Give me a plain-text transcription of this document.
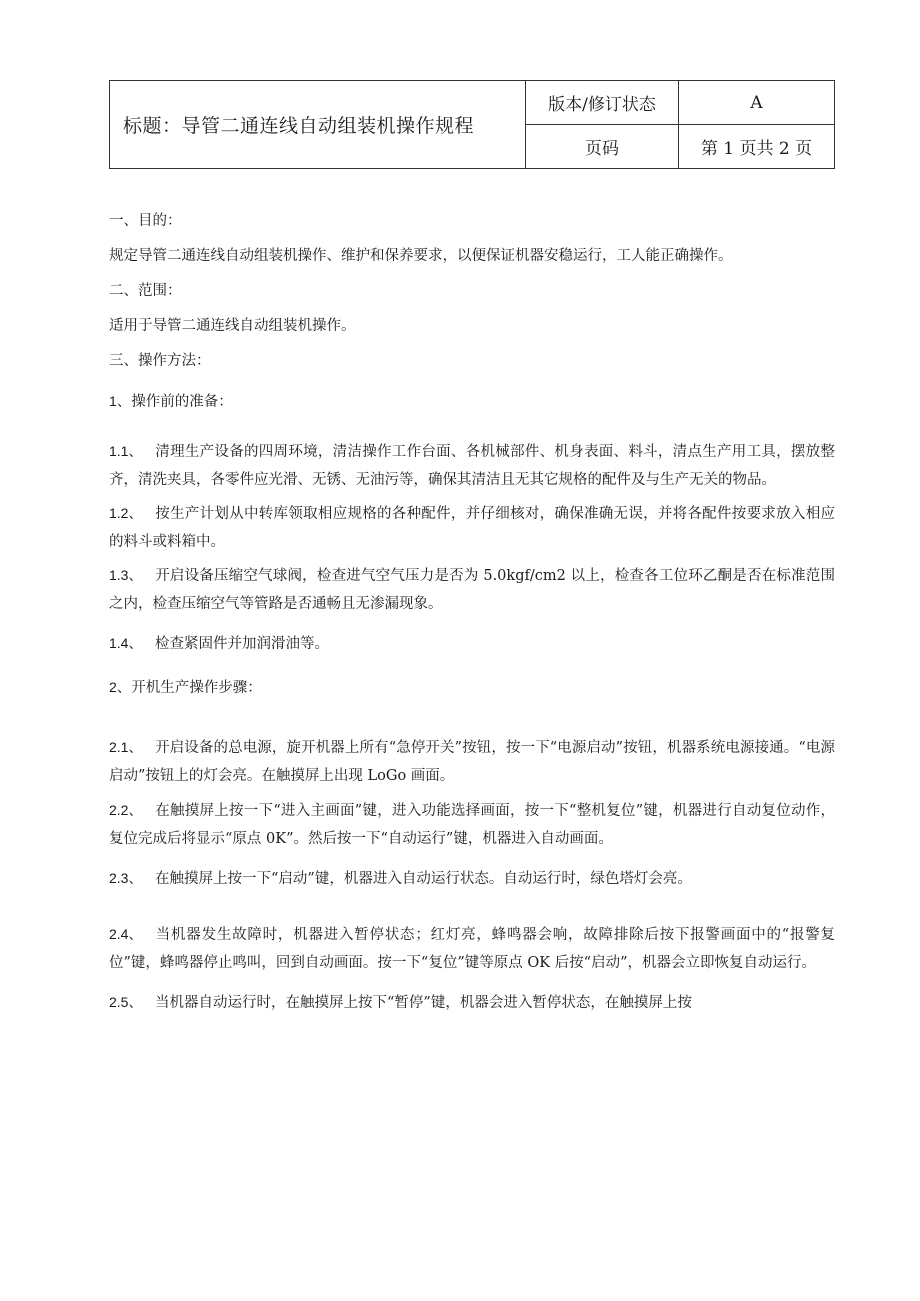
标题：导管二通连线自动组装机操作规程	版本/修订状态	A
	页码	第 1 页共 2 页

一、目的：

规定导管二通连线自动组装机操作、维护和保养要求，以便保证机器安稳运行，工人能正确操作。

二、范围：

适用于导管二通连线自动组装机操作。

三、操作方法：

1、操作前的准备：

1.1、 清理生产设备的四周环境，清洁操作工作台面、各机械部件、机身表面、料斗，清点生产用工具，摆放整齐，清洗夹具，各零件应光滑、无锈、无油污等，确保其清洁且无其它规格的配件及与生产无关的物品。

1.2、 按生产计划从中转库领取相应规格的各种配件，并仔细核对，确保准确无误，并将各配件按要求放入相应的料斗或料箱中。

1.3、 开启设备压缩空气球阀，检查进气空气压力是否为 5.0kgf/cm2 以上，检查各工位环乙酮是否在标准范围之内，检查压缩空气等管路是否通畅且无渗漏现象。

1.4、 检查紧固件并加润滑油等。

2、开机生产操作步骤：

2.1、 开启设备的总电源，旋开机器上所有“急停开关”按钮，按一下“电源启动”按钮，机器系统电源接通。“电源启动”按钮上的灯会亮。在触摸屏上出现 LoGo 画面。

2.2、 在触摸屏上按一下“进入主画面”键，进入功能选择画面，按一下“整机复位”键，机器进行自动复位动作，复位完成后将显示“原点 0K”。然后按一下“自动运行”键，机器进入自动画面。

2.3、 在触摸屏上按一下“启动”键，机器进入自动运行状态。自动运行时，绿色塔灯会亮。

2.4、 当机器发生故障时，机器进入暂停状态；红灯亮，蜂鸣器会响，故障排除后按下报警画面中的“报警复位”键，蜂鸣器停止鸣叫，回到自动画面。按一下“复位”键等原点 OK 后按“启动”，机器会立即恢复自动运行。

2.5、 当机器自动运行时，在触摸屏上按下“暂停”键，机器会进入暂停状态，在触摸屏上按
